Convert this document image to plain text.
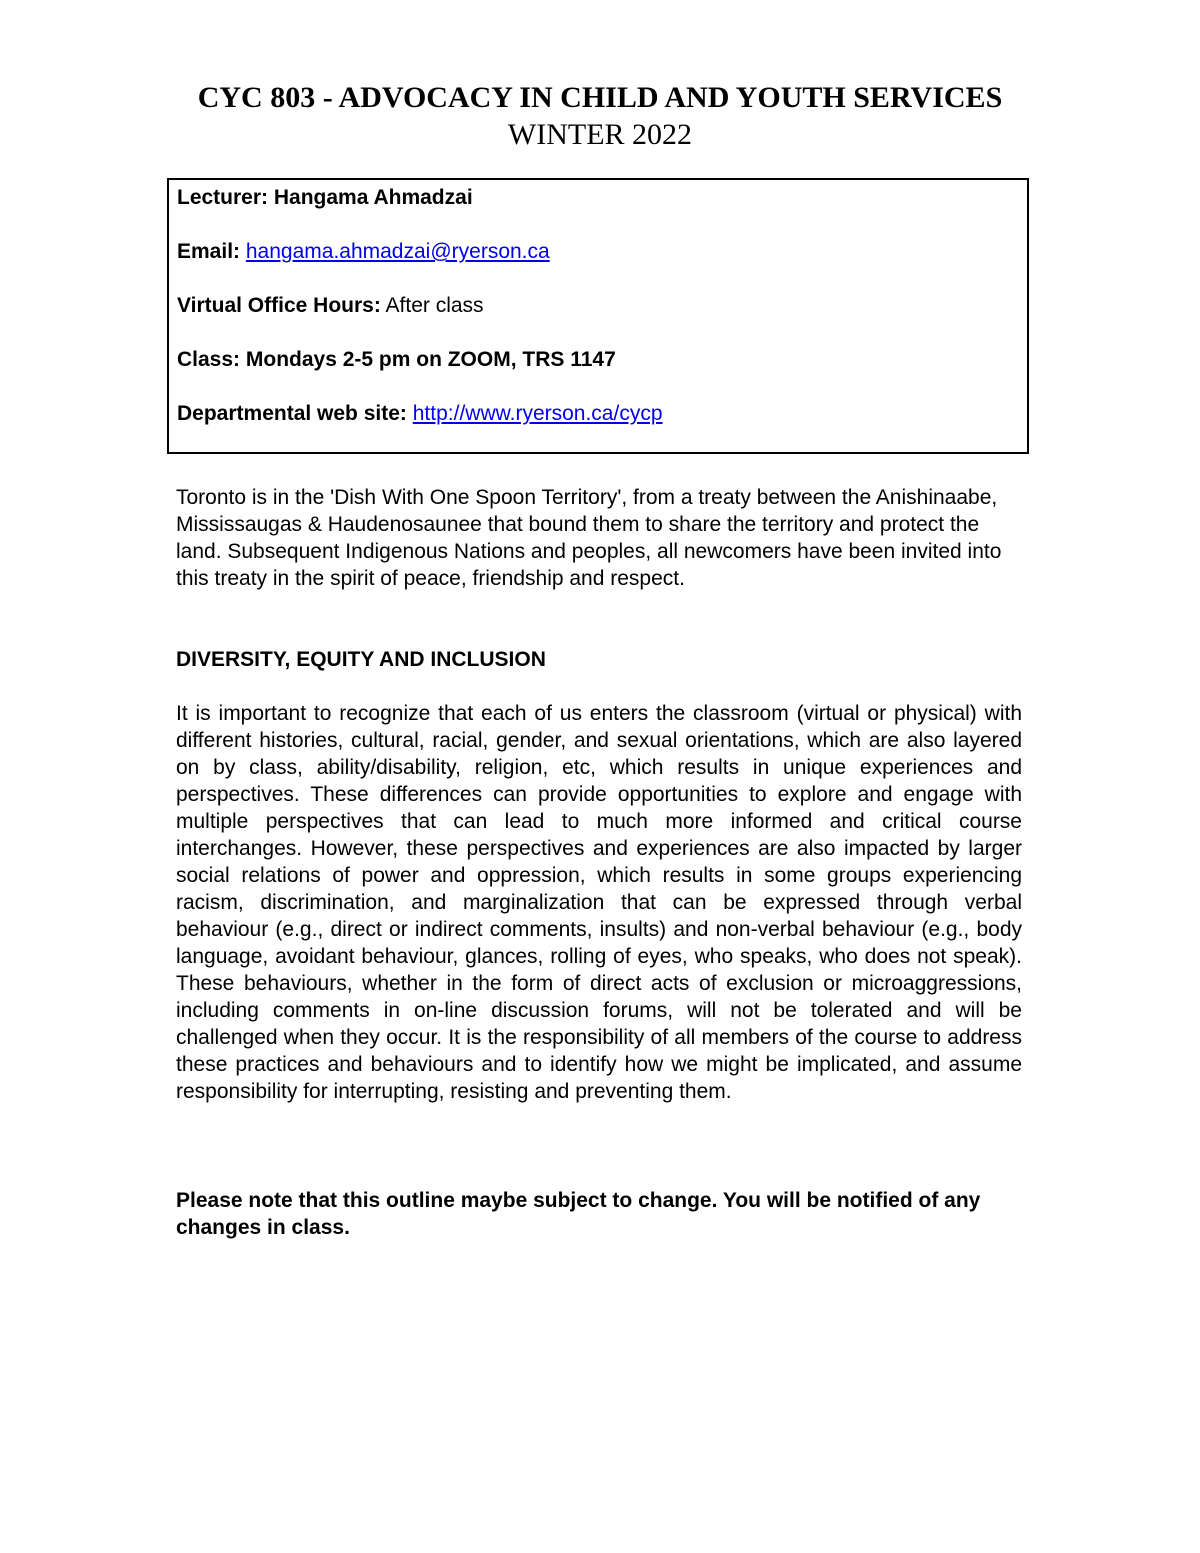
CYC 803 - ADVOCACY IN CHILD AND YOUTH SERVICES
WINTER 2022
Lecturer: Hangama Ahmadzai
Email: hangama.ahmadzai@ryerson.ca
Virtual Office Hours: After class
Class: Mondays 2-5 pm on ZOOM, TRS 1147
Departmental web site: http://www.ryerson.ca/cycp

Toronto is in the 'Dish With One Spoon Territory', from a treaty between the Anishinaabe, Mississaugas & Haudenosaunee that bound them to share the territory and protect the land. Subsequent Indigenous Nations and peoples, all newcomers have been invited into this treaty in the spirit of peace, friendship and respect.

DIVERSITY, EQUITY AND INCLUSION

It is important to recognize that each of us enters the classroom (virtual or physical) with different histories, cultural, racial, gender, and sexual orientations, which are also layered on by class, ability/disability, religion, etc, which results in unique experiences and perspectives. These differences can provide opportunities to explore and engage with multiple perspectives that can lead to much more informed and critical course interchanges. However, these perspectives and experiences are also impacted by larger social relations of power and oppression, which results in some groups experiencing racism, discrimination, and marginalization that can be expressed through verbal behaviour (e.g., direct or indirect comments, insults) and non-verbal behaviour (e.g., body language, avoidant behaviour, glances, rolling of eyes, who speaks, who does not speak). These behaviours, whether in the form of direct acts of exclusion or microaggressions, including comments in on-line discussion forums, will not be tolerated and will be challenged when they occur. It is the responsibility of all members of the course to address these practices and behaviours and to identify how we might be implicated, and assume responsibility for interrupting, resisting and preventing them.

Please note that this outline maybe subject to change. You will be notified of any changes in class.
